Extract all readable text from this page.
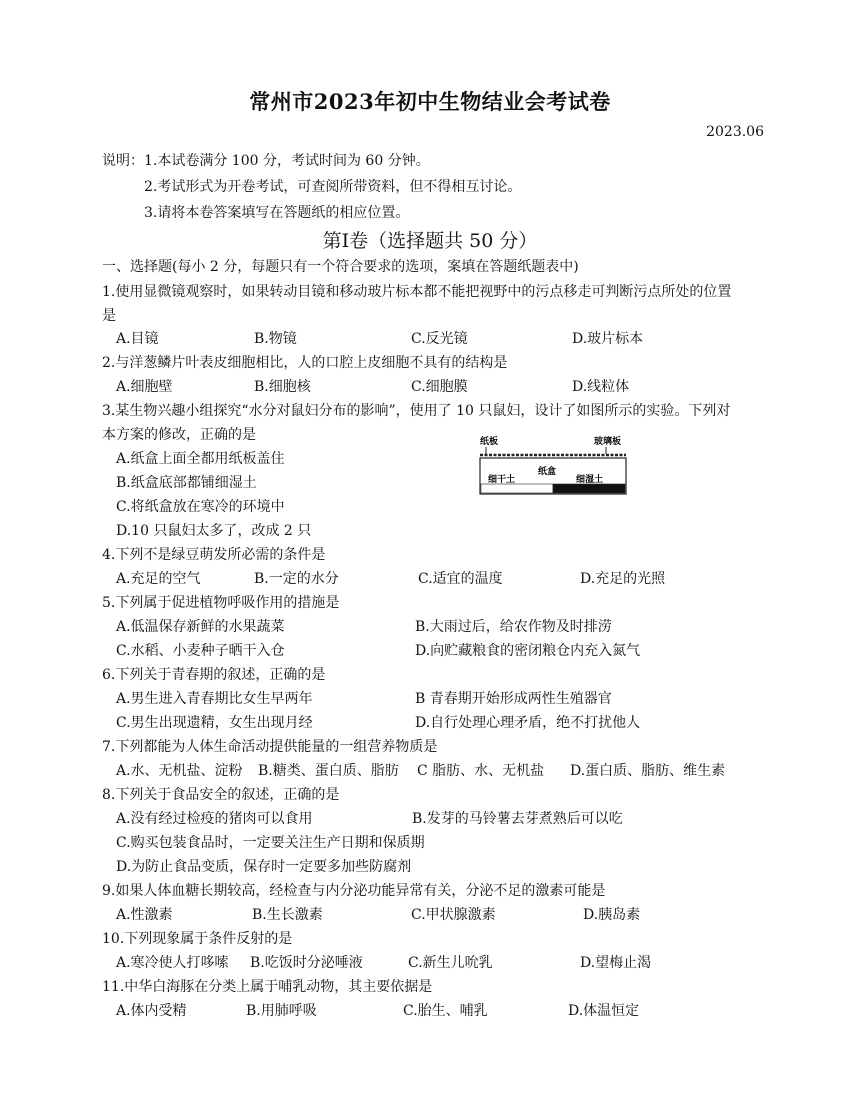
常州市2023年初中生物结业会考试卷
2023.06
说明：1.本试卷满分 100 分，考试时间为 60 分钟。
2.考试形式为开卷考试，可查阅所带资料，但不得相互讨论。
3.请将本卷答案填写在答题纸的相应位置。
第Ⅰ卷（选择题共 50 分）
一、选择题(每小 2 分，每题只有一个符合要求的选项，案填在答题纸题表中)
1.使用显微镜观察时，如果转动目镜和移动玻片标本都不能把视野中的污点移走可判断污点所处的位置
是
A.目镜	B.物镜	C.反光镜	D.玻片标本
2.与洋葱鳞片叶表皮细胞相比，人的口腔上皮细胞不具有的结构是
A.细胞壁	B.细胞核	C.细胞膜	D.线粒体
3.某生物兴趣小组探究“水分对鼠妇分布的影响”，使用了 10 只鼠妇，设计了如图所示的实验。下列对
本方案的修改，正确的是
A.纸盒上面全都用纸板盖住
B.纸盒底部都铺细湿土
C.将纸盒放在寒冷的环境中
D.10 只鼠妇太多了，改成 2 只
纸板	玻璃板
纸盒
细干土	细湿土
4.下列不是绿豆萌发所必需的条件是
A.充足的空气	B.一定的水分	C.适宜的温度	D.充足的光照
5.下列属于促进植物呼吸作用的措施是
A.低温保存新鲜的水果蔬菜	B.大雨过后，给农作物及时排涝
C.水稻、小麦种子晒干入仓	D.向贮藏粮食的密闭粮仓内充入氮气
6.下列关于青春期的叙述，正确的是
A.男生进入青春期比女生早两年	B 青春期开始形成两性生殖器官
C.男生出现遗精，女生出现月经	D.自行处理心理矛盾，绝不打扰他人
7.下列都能为人体生命活动提供能量的一组营养物质是
A.水、无机盐、淀粉 B.糖类、蛋白质、脂肪 C 脂肪、水、无机盐 D.蛋白质、脂肪、维生素
8.下列关于食品安全的叙述，正确的是
A.没有经过检疫的猪肉可以食用	B.发芽的马铃薯去芽煮熟后可以吃
C.购买包装食品时，一定要关注生产日期和保质期
D.为防止食品变质，保存时一定要多加些防腐剂
9.如果人体血糖长期较高，经检查与内分泌功能异常有关，分泌不足的激素可能是
A.性激素	B.生长激素	C.甲状腺激素	D.胰岛素
10.下列现象属于条件反射的是
A.寒冷使人打哆嗦 B.吃饭时分泌唾液	C.新生儿吮乳	D.望梅止渴
11.中华白海豚在分类上属于哺乳动物，其主要依据是
A.体内受精	B.用肺呼吸	C.胎生、哺乳	D.体温恒定
